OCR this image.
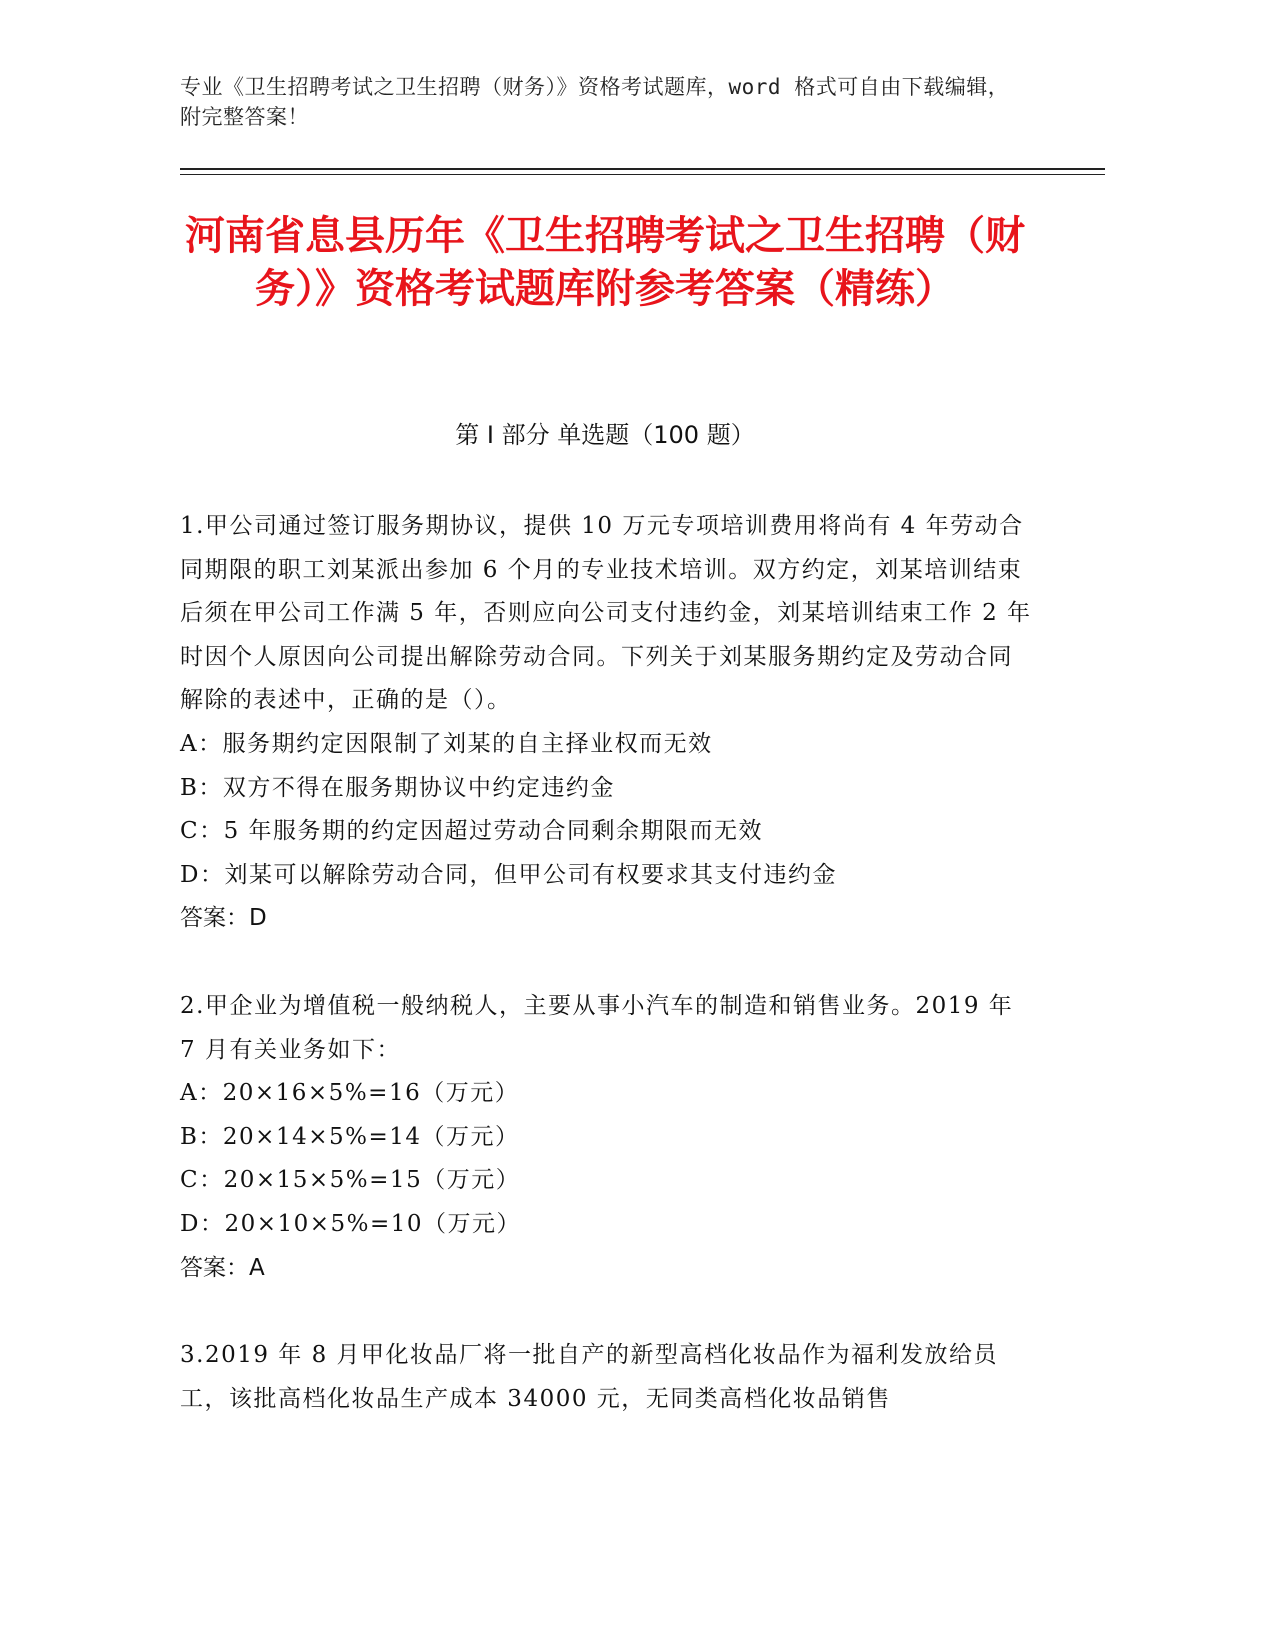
专业《卫生招聘考试之卫生招聘（财务）》资格考试题库，word 格式可自由下载编辑，附完整答案！
河南省息县历年《卫生招聘考试之卫生招聘（财务）》资格考试题库附参考答案（精练）
第 I 部分 单选题（100 题）
1.甲公司通过签订服务期协议，提供 10 万元专项培训费用将尚有 4 年劳动合同期限的职工刘某派出参加 6 个月的专业技术培训。双方约定，刘某培训结束后须在甲公司工作满 5 年，否则应向公司支付违约金，刘某培训结束工作 2 年时因个人原因向公司提出解除劳动合同。下列关于刘某服务期约定及劳动合同解除的表述中，正确的是（）。
A：服务期约定因限制了刘某的自主择业权而无效
B：双方不得在服务期协议中约定违约金
C：5 年服务期的约定因超过劳动合同剩余期限而无效
D：刘某可以解除劳动合同，但甲公司有权要求其支付违约金
答案：D
2.甲企业为增值税一般纳税人，主要从事小汽车的制造和销售业务。2019 年 7 月有关业务如下：
A：20×16×5%=16（万元）
B：20×14×5%=14（万元）
C：20×15×5%=15（万元）
D：20×10×5%=10（万元）
答案：A
3.2019 年 8 月甲化妆品厂将一批自产的新型高档化妆品作为福利发放给员工，该批高档化妆品生产成本 34000 元，无同类高档化妆品销售
